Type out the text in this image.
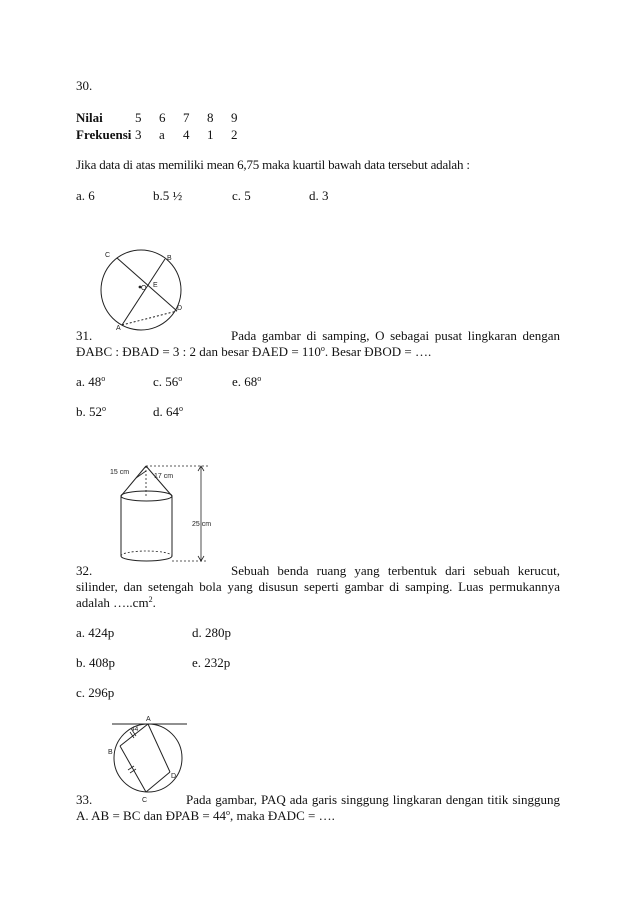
30.
Nilai 5 6 7 8 9
Frekuensi 3 a 4 1 2
Jika data di atas memiliki mean 6,75 maka kuartil bawah data tersebut adalah :
a. 6	b.5 ½	c. 5	d. 3
C	B
O E
D
A
31.	Pada gambar di samping, O sebagai pusat lingkaran dengan ÐABC : ÐBAD = 3 : 2 dan besar ÐAED = $110^o$. Besar ÐBOD = ….
a. 48$^o$	c. 56$^o$	e. 68$^o$
b. 52$^o$	d. 64$^o$
15 cm
17 cm
25 cm
32.	Sebuah benda ruang yang terbentuk dari sebuah kerucut, silinder, dan setengah bola yang disusun seperti gambar di samping. Luas permukannya adalah $\dots..cm^2$.
a. 424p	d. 280p
b. 408p	e. 232p
c. 296p
A
44
B
C
D
33.	Pada gambar, PAQ ada garis singgung lingkaran dengan titik singgung A. AB = BC dan ÐPAB = $44^o$, maka ÐADC = ….
